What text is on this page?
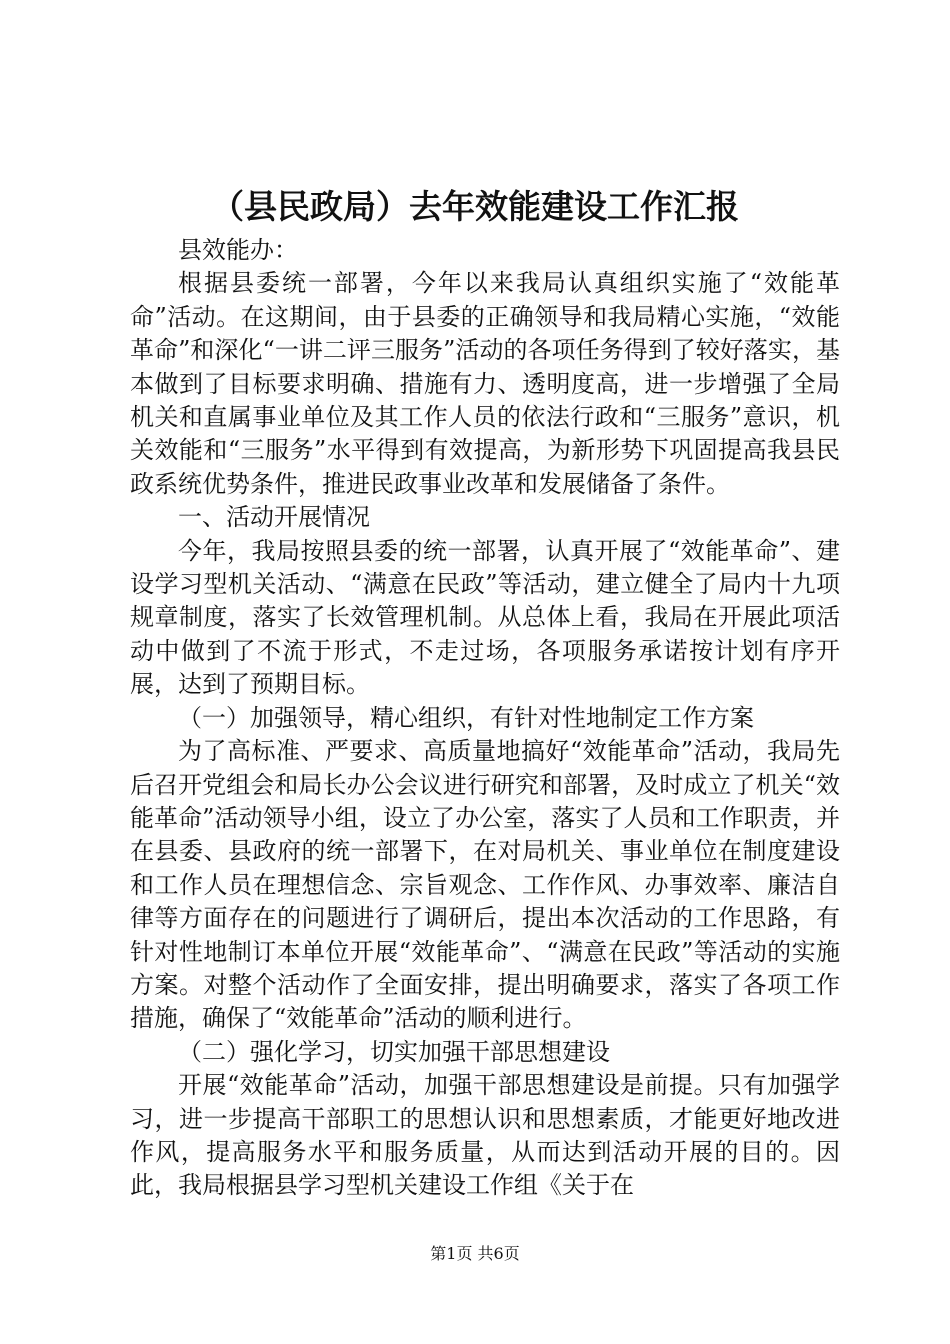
（县民政局）去年效能建设工作汇报

县效能办：

根据县委统一部署，今年以来我局认真组织实施了“效能革命”活动。在这期间，由于县委的正确领导和我局精心实施，“效能革命”和深化“一讲二评三服务”活动的各项任务得到了较好落实，基本做到了目标要求明确、措施有力、透明度高，进一步增强了全局机关和直属事业单位及其工作人员的依法行政和“三服务”意识，机关效能和“三服务”水平得到有效提高，为新形势下巩固提高我县民政系统优势条件，推进民政事业改革和发展储备了条件。

一、活动开展情况

今年，我局按照县委的统一部署，认真开展了“效能革命”、建设学习型机关活动、“满意在民政”等活动，建立健全了局内十九项规章制度，落实了长效管理机制。从总体上看，我局在开展此项活动中做到了不流于形式，不走过场，各项服务承诺按计划有序开展，达到了预期目标。

（一）加强领导，精心组织，有针对性地制定工作方案

为了高标准、严要求、高质量地搞好“效能革命”活动，我局先后召开党组会和局长办公会议进行研究和部署，及时成立了机关“效能革命”活动领导小组，设立了办公室，落实了人员和工作职责，并在县委、县政府的统一部署下，在对局机关、事业单位在制度建设和工作人员在理想信念、宗旨观念、工作作风、办事效率、廉洁自律等方面存在的问题进行了调研后，提出本次活动的工作思路，有针对性地制订本单位开展“效能革命”、“满意在民政”等活动的实施方案。对整个活动作了全面安排，提出明确要求，落实了各项工作措施，确保了“效能革命”活动的顺利进行。

（二）强化学习，切实加强干部思想建设

开展“效能革命”活动，加强干部思想建设是前提。只有加强学习，进一步提高干部职工的思想认识和思想素质，才能更好地改进作风，提高服务水平和服务质量，从而达到活动开展的目的。因此，我局根据县学习型机关建设工作组《关于在

第1页 共6页
